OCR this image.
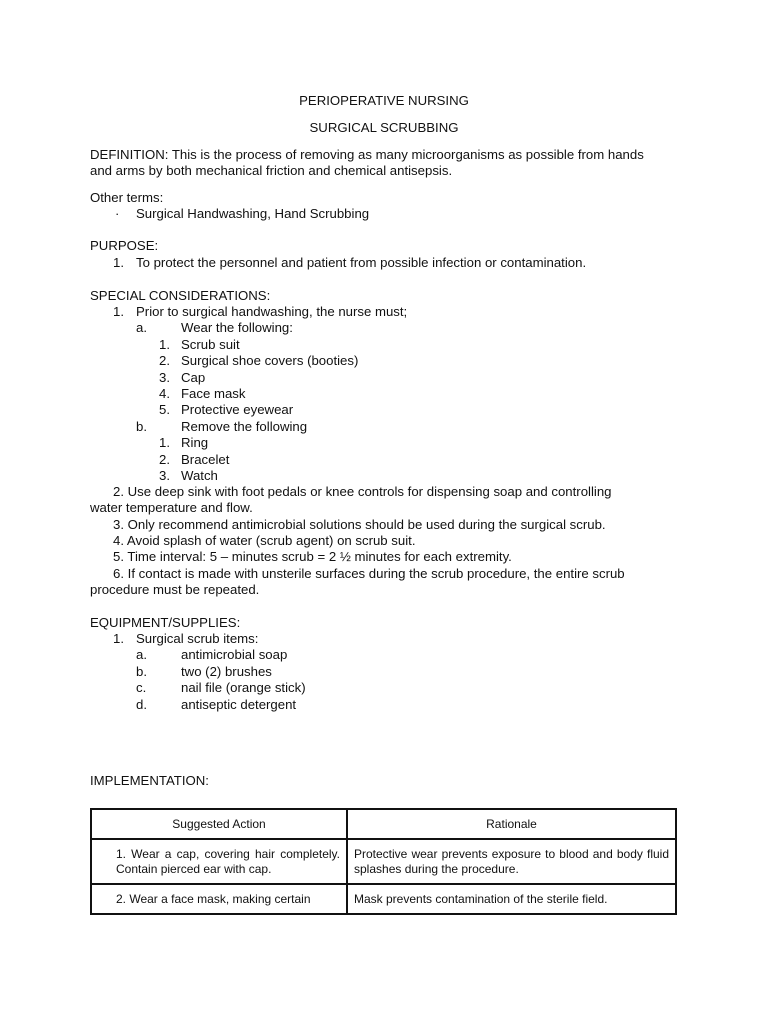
PERIOPERATIVE NURSING
SURGICAL SCRUBBING
DEFINITION: This is the process of removing as many microorganisms as possible from hands
and arms by both mechanical friction and chemical antisepsis.
Other terms:
· Surgical Handwashing, Hand Scrubbing
PURPOSE:
1. To protect the personnel and patient from possible infection or contamination.
SPECIAL CONSIDERATIONS:
1. Prior to surgical handwashing, the nurse must;
a.	Wear the following:
1. Scrub suit
2. Surgical shoe covers (booties)
3. Cap
4. Face mask
5. Protective eyewear
b.	Remove the following
1. Ring
2. Bracelet
3. Watch
2. Use deep sink with foot pedals or knee controls for dispensing soap and controlling
water temperature and flow.
3. Only recommend antimicrobial solutions should be used during the surgical scrub.
4. Avoid splash of water (scrub agent) on scrub suit.
5. Time interval: 5 – minutes scrub = 2 ½ minutes for each extremity.
6. If contact is made with unsterile surfaces during the scrub procedure, the entire scrub
procedure must be repeated.
EQUIPMENT/SUPPLIES:
1. Surgical scrub items:
a.	antimicrobial soap
b.	two (2) brushes
c.	nail file (orange stick)
d.	antiseptic detergent
IMPLEMENTATION:
Suggested Action	Rationale
1. Wear a cap, covering hair completely. Contain pierced ear with cap.	Protective wear prevents exposure to blood and body fluid splashes during the procedure.
2. Wear a face mask, making certain	Mask prevents contamination of the sterile field.
